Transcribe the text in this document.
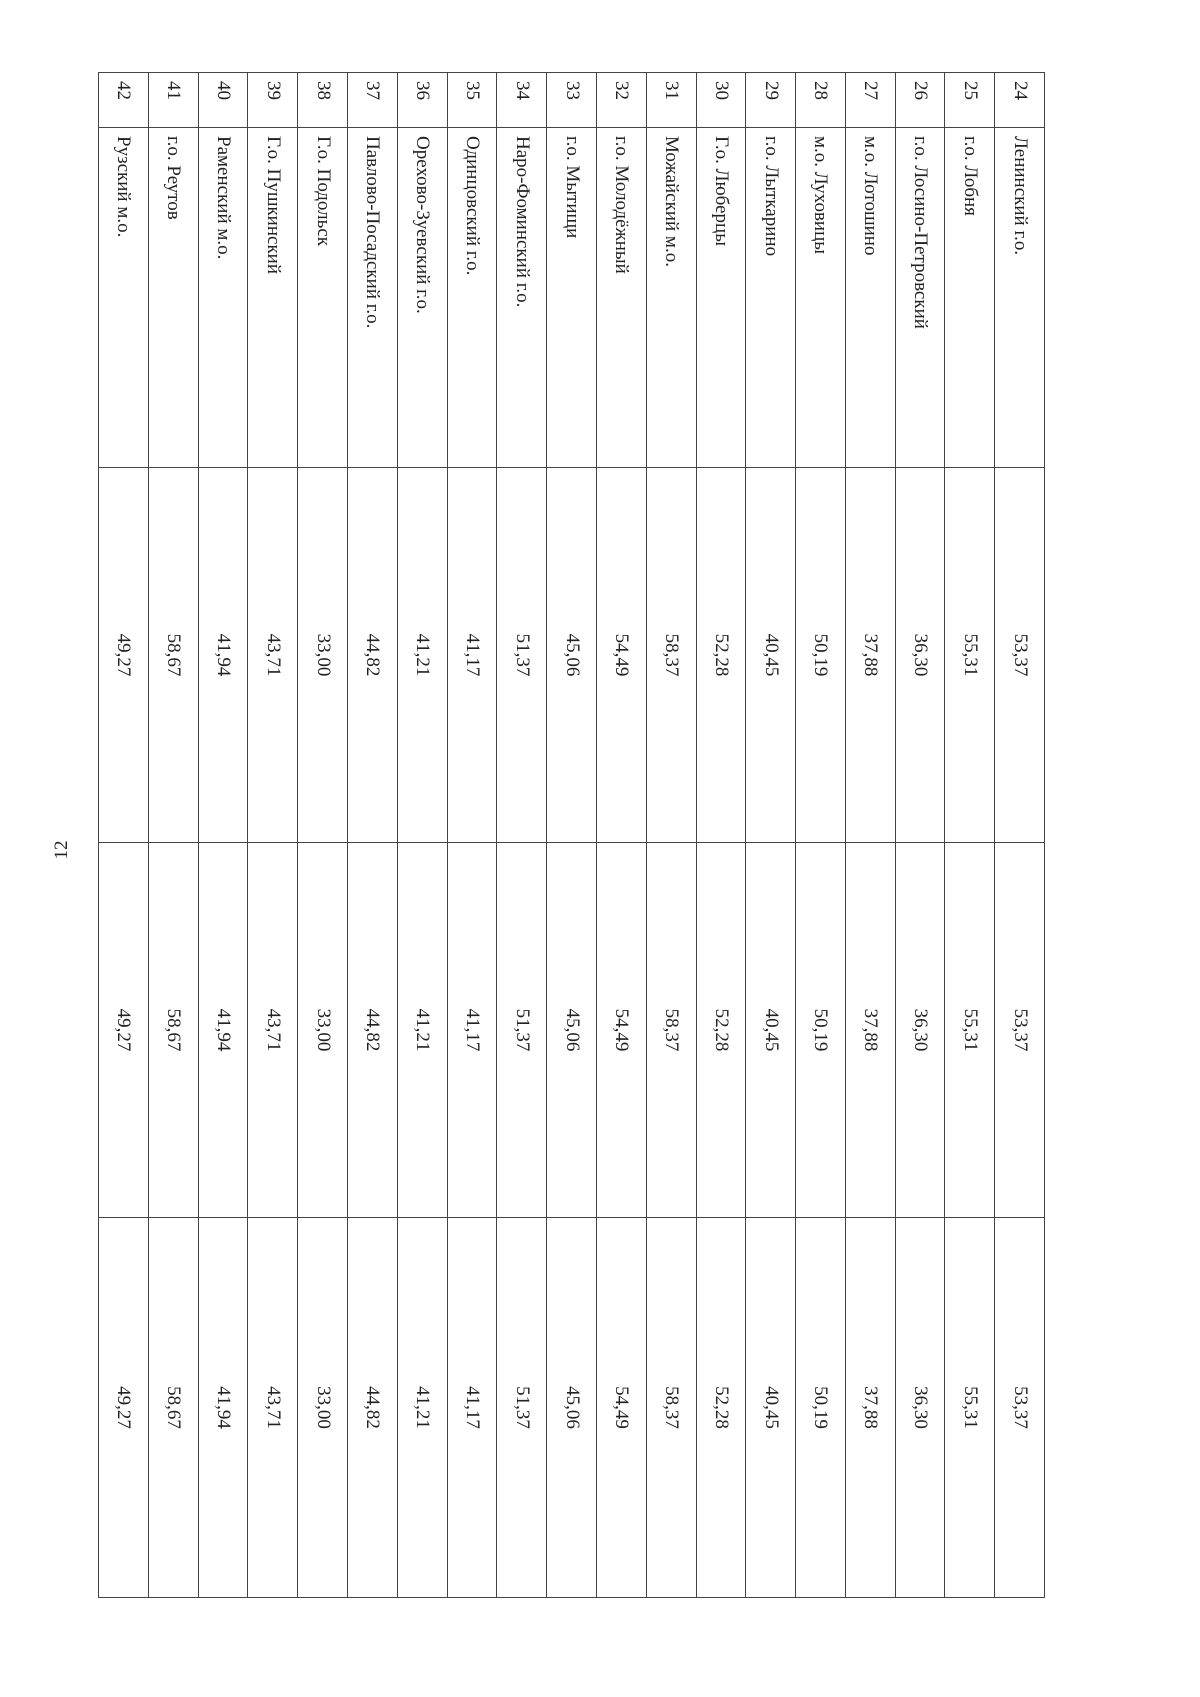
12
24	Ленинский г.о.	53,37	53,37	53,37
25	г.о. Лобня	55,31	55,31	55,31
26	г.о. Лосино-Петровский	36,30	36,30	36,30
27	м.о. Лотошино	37,88	37,88	37,88
28	м.о. Луховицы	50,19	50,19	50,19
29	г.о. Лыткарино	40,45	40,45	40,45
30	Г.о. Люберцы	52,28	52,28	52,28
31	Можайский м.о.	58,37	58,37	58,37
32	г.о. Молодёжный	54,49	54,49	54,49
33	г.о. Мытищи	45,06	45,06	45,06
34	Наро-Фоминский г.о.	51,37	51,37	51,37
35	Одинцовский г.о.	41,17	41,17	41,17
36	Орехово-Зуевский г.о.	41,21	41,21	41,21
37	Павлово-Посадский г.о.	44,82	44,82	44,82
38	Г.о. Подольск	33,00	33,00	33,00
39	Г.о. Пушкинский	43,71	43,71	43,71
40	Раменский м.о.	41,94	41,94	41,94
41	г.о. Реутов	58,67	58,67	58,67
42	Рузский м.о.	49,27	49,27	49,27
